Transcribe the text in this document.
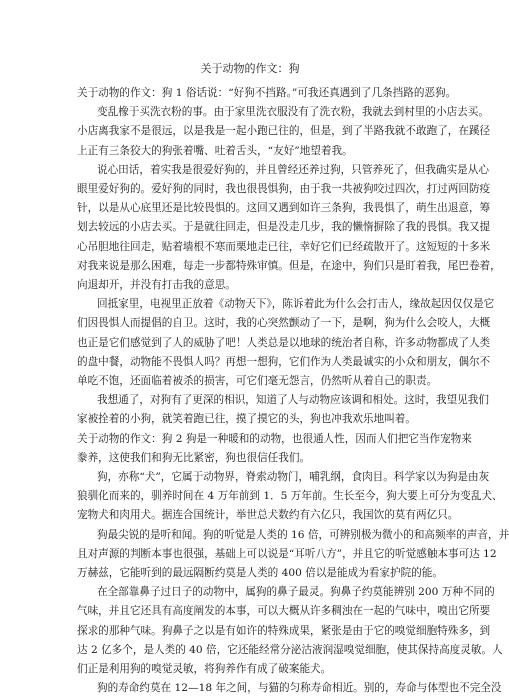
关于动物的作文：狗

关于动物的作文：狗 1 俗话说：“好狗不挡路。”可我还真遇到了几条挡路的恶狗。

变乱橡于买洗衣粉的事。由于家里洗衣服没有了洗衣粉，我就去到村里的小店去买。

小店离我家不是很远，以是我是一起小跑已往的，但是，到了半路我就不敢跑了，在蹊径

上正有三条狡大的狗张着嘴、吐着舌头，“友好”地望着我。

说心田话，着实我是很爱好狗的，并且曾经还养过狗，只管养死了，但我确实是从心

眼里爱好狗的。爱好狗的同时，我也很畏惧狗，由于我一共被狗咬过四次，打过两回防疫

针，以是从心底里还是比较畏惧的。这回又遇到如许三条狗，我畏惧了，萌生出退意，筹

划去较远的小店去买。于是就往回走，但是没走几步，我的懒惰摒除了我的畏惧。我又提

心吊胆地往回走，贴着墙根不寒而栗地走已往，幸好它们已经疏散开了。这短短的十多米

对我来说是那么困难，每走一步都特殊审慎。但是，在途中，狗们只是盯着我，尾巴卷着，

向退却开，并没有打击我的意思。

回抵家里，电视里正放着《动物天下》，陈诉着此为什么会打击人，缘故起因仅仅是它

们因畏惧人而提倡的自卫。这时，我的心突然颤动了一下，是啊，狗为什么会咬人，大概

也正是它们感觉到了人的威胁了吧！人类总是以地球的统治者自称，许多动物都成了人类

的盘中餐，动物能不畏惧人吗？再想一想狗，它们作为人类最诚实的小众和朋友，偶尔不

单吃不饱，还面临着被杀的损害，可它们毫无怨言，仍然听从着自己的职责。

我想通了，对狗有了更深的相识，知道了人与动物应该调和相处。这时，我望见我们

家被拴着的小狗，就笑着跑已往，摸了摸它的头，狗也冲我欢乐地叫着。

关于动物的作文：狗 2 狗是一种暖和的动物，也很通人性，因而人们把它当作宠物来

豢养，这使我们和狗无比紧密，狗也很信任我们。

狗，亦称“犬”，它属于动物界，脊索动物门，哺乳纲，食肉目。科学家以为狗是由灰

狼驯化而来的，驯养时间在 4 万年前到 1．5 万年前。生长至今，狗大要上可分为变乱犬、

宠物犬和肉用犬。据连合国统计，举世总犬数约有六亿只，我国饮的莫有两亿只。

狗最尖锐的是听和闻。狗的听觉是人类的 16 倍，可辨别极为微小的和高频率的声音，并

且对声源的判断本事也很强，基础上可以说是“耳听八方”，并且它的听觉感触本事可达 12

万赫兹，它能听到的最远隔断约莫是人类的 400 倍以是能成为看家护院的能。

在全部靠鼻子过日子的动物中，属狗的鼻子最灵。狗鼻子约莫能辨别 200 万种不同的

气味，并且它还具有高度阐发的本事，可以大概从许多稠浊在一起的气味中，嗅出它所要

探求的那种气味。狗鼻子之以是有如许的特殊成果，紧张是由于它的嗅觉细胞特殊多，到

达 2 亿多个，是人类的 40 倍，它还能经常分泌沽液润湿嗅觉细胞，使其保持高度灵敏。人

们正是利用狗的嗅觉灵敏，将狗养作有成了破案能犬。

狗的寿命约莫在 12—18 年之间，与猫的匀称寿命相近。别的，寿命与体型也不完全没
